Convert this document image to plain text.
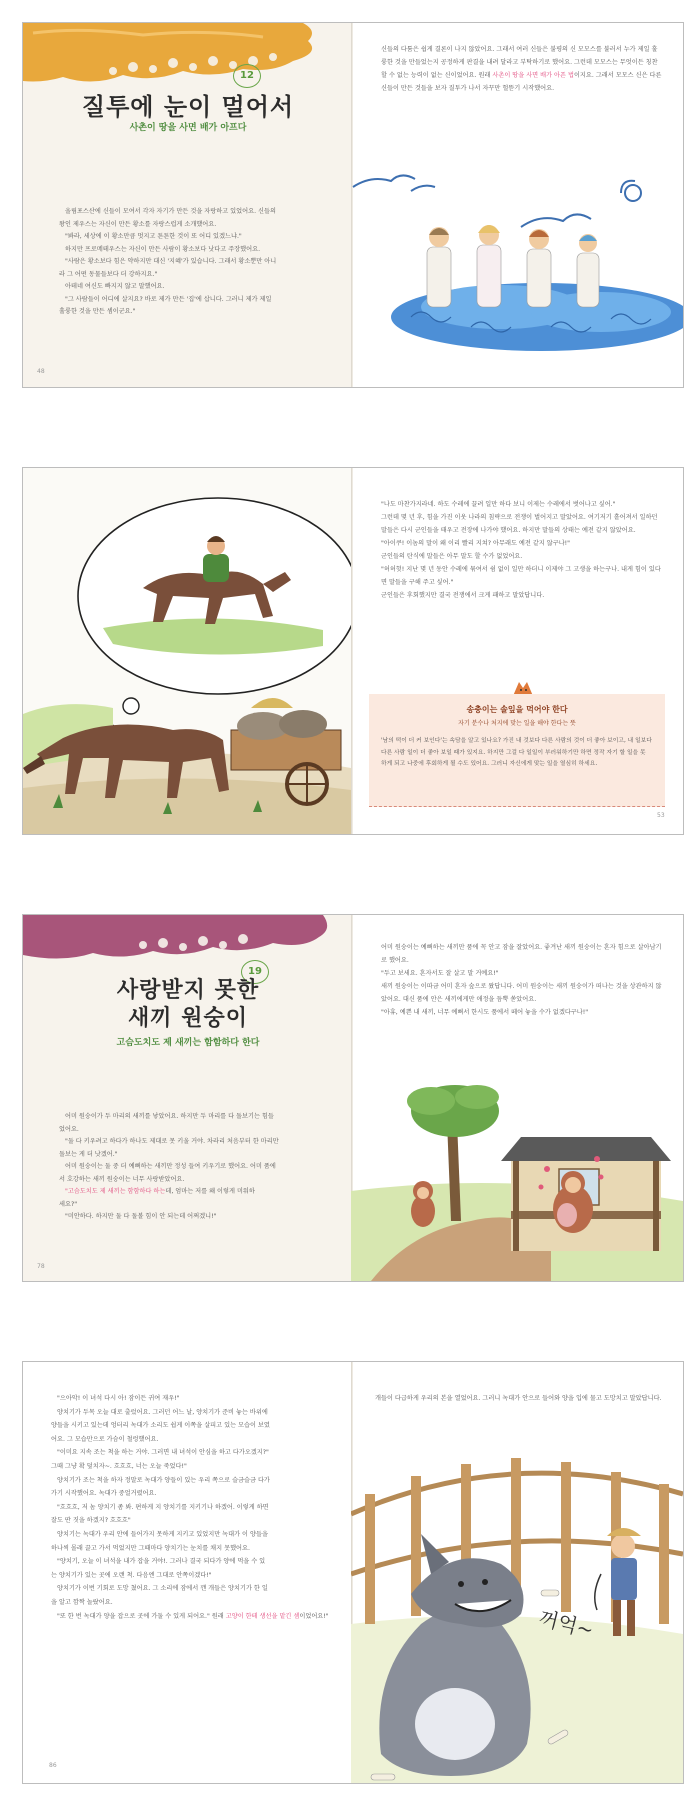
12
질투에 눈이 멀어서
사촌이 땅을 사면 배가 아프다

올림포스산에 신들이 모여서 각자 자기가 만든 것을 자랑하고 있었어요. 신들의

왕인 제우스는 자신이 만든 황소를 자랑스럽게 소개했어요.

"봐라, 세상에 이 황소만큼 멋지고 튼튼한 것이 또 어디 있겠느냐."

하지만 프로메테우스는 자신이 만든 사람이 황소보다 낫다고 주장했어요.

"사람은 황소보다 힘은 약하지만 대신 '지혜'가 있습니다. 그래서 황소뿐만 아니

라 그 어떤 동물들보다 더 강하지요."

아테네 여신도 빠지지 않고 말했어요.

"그 사람들이 어디에 살지요? 바로 제가 만든 '집'에 삽니다. 그러니 제가 제일

훌륭한 것을 만든 셈이군요."

48

신들의 다툼은 쉽게 결론이 나지 않았어요. 그래서 여러 신들은 불평의 신 모모스를 불러서 누가 제일 훌륭한 것을 만들었는지 공정하게 판결을 내려 달라고 부탁하기로 했어요. 그런데 모모스는 무엇이든 칭찬할 수 없는 능력이 없는 신이었어요. 원래 사촌이 땅을 사면 배가 아픈 법이지요. 그래서 모모스 신은 다른 신들이 만든 것들을 보자 질투가 나서 자꾸만 헐뜯기 시작했어요.

"나도 마찬가지라네. 하도 수레에 끌려 일만 하다 보니 이제는 수레에서 벗어나고 싶어."

그런데 몇 년 후, 힘을 가진 이웃 나라의 침략으로 전쟁이 벌어지고 말았어요. 여기저기 흩어져서 일하던 말들은 다시 군인들을 태우고 전장에 나가야 했어요. 하지만 말들의 상태는 예전 같지 않았어요.

"아이쿠! 이놈의 말이 왜 이리 빨리 지쳐? 아무래도 예전 같지 않구나!"

군인들의 탄식에 말들은 아무 말도 할 수가 없었어요.

"허허헛! 지난 몇 년 동안 수레에 묶여서 쉼 없이 일만 하더니 이제야 그 고생을 하는구나. 내게 힘이 있다면 말들을 구해 주고 싶어."

군인들은 후회했지만 결국 전쟁에서 크게 패하고 말았답니다.

송충이는 솔잎을 먹어야 한다
자기 분수나 처지에 맞는 일을 해야 한다는 뜻
'남의 떡이 더 커 보인다'는 속담을 알고 있나요? 가진 내 것보다 다른 사람의 것이 더 좋아 보이고, 내 일보다 다른 사람 일이 더 좋아 보일 때가 있지요. 하지만 그걸 다 일일이 부러워하기만 하면 정작 자기 할 일을 못 하게 되고 나중에 후회하게 될 수도 있어요. 그러니 자신에게 맞는 일을 열심히 하세요.
53
19
사랑받지 못한
새끼 원숭이
고슴도치도 제 새끼는 함함하다 한다

어미 원숭이가 두 마리의 새끼를 낳았어요. 하지만 두 마리를 다 돌보기는 힘들

었어요.

"둘 다 키우려고 하다가 하나도 제대로 못 키울 거야. 차라리 처음부터 한 마리만

돌보는 게 더 낫겠어."

어미 원숭이는 둘 중 더 예뻐하는 새끼만 정성 들여 키우기로 했어요. 어미 품에

서 호강하는 새끼 원숭이는 너무 사랑받았어요.

"고슴도치도 제 새끼는 함함하다 하는데, 엄마는 저를 왜 이렇게 미워하

세요?"

"미안하다. 하지만 둘 다 돌볼 힘이 안 되는데 어쩌겠니!"

78

어미 원숭이는 예뻐하는 새끼만 품에 꼭 안고 잠을 잘았어요. 좋겨난 새끼 원숭이는 혼자 힘으로 살아남기로 했어요.

"두고 보세요. 혼자서도 잘 살고 말 거예요!"

새끼 원숭이는 이따금 어미 혼자 숲으로 왔답니다. 어미 원숭이는 새끼 원숭이가 떠나는 것을 상관하지 않았어요. 대신 품에 안은 새끼에게만 애정을 듬뿍 쏟았어요.

"아휴, 예쁜 내 새끼, 너무 예뻐서 한시도 품에서 떼어 놓을 수가 없겠다구나!"

"으아악! 이 녀석 다시 아! 잠이든 귀여 재우!"

양치기가 두목 오늘 대로 출렀어요. 그러던 어느 날, 양치기가 준비 놓는 바위에

양들을 시키고 있는데 엉터리 녹대가 소리도 쉽게 이쪽을 살피고 있는 모습이 보였

어요. 그 모습만으로 가슴이 철렁했어요.

"이미요 지속 조는 척을 하는 거야. 그러면 내 녀석이 안심을 하고 다가오겠지?"

그때 그냥 확 덮치자~. 흐흐흐, 너는 오늘 죽었다!"

양치기가 조는 척을 하자 정말로 녹대가 양들이 있는 우리 쪽으로 슬금슬금 다가

가기 시작했어요. 녹대가 중얼거렸어요.

"흐흐흐, 저 놈 양치기 좀 봐. 편하게 지 양치기를 지키기나 하겠어. 이렇게 하면

잘도 딴 짓을 하겠지? 흐흐흐"

양치기는 녹대가 우리 안에 들어가지 못하게 지키고 있었지만 녹대가 이 양들을

하나씩 몰래 끌고 가서 먹었지만 그때마다 양치기는 눈치를 채지 못했어요.

"양치기, 오늘 이 녀석을 내가 잡을 거야!. 그러나 결국 되다가 양에 먹을 수 있

는 양치기가 있는 곳에 오랜 척. 다음엔 그대로 안쪽이겠다!"

양치기가 이번 기회로 도망 쳤어요. 그 소리에 잠에서 깬 개들은 양치기가 한 일

을 알고 깜짝 놀랐어요.

"또 한 번 녹대가 양을 잡으로 곳에 가둘 수 있게 되어요." 원래 고양이 한테 생선을 맡긴 셈이었어요!"

86
개들이 다급하게 우리의 본을 열었어요. 그러니 녹대가 안으로 들어와 양을 입에 물고 도망치고 말았답니다.
꺼억~
